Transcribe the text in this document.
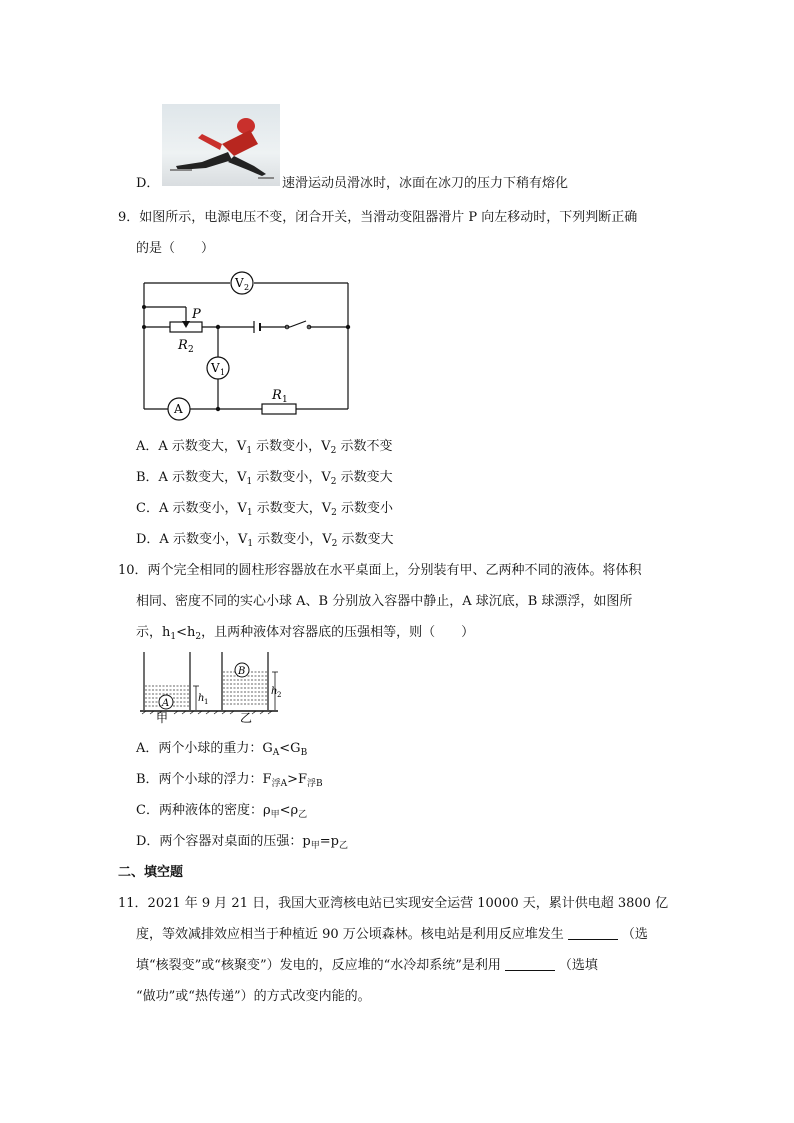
D．	速滑运动员滑冰时，冰面在冰刀的压力下稍有熔化
9．如图所示，电源电压不变，闭合开关，当滑动变阻器滑片 P 向左移动时，下列判断正确
的是（　　）
V 2
V 1
A
P
R 2
R 1
A．A 示数变大，$V_1$ 示数变小，$V_2$ 示数不变
B．A 示数变大，$V_1$ 示数变小，$V_2$ 示数变大
C．A 示数变小，$V_1$ 示数变大，$V_2$ 示数变小
D．A 示数变小，$V_1$ 示数变小，$V_2$ 示数变大
10．两个完全相同的圆柱形容器放在水平桌面上，分别装有甲、乙两种不同的液体。将体积
相同、密度不同的实心小球 A、B 分别放入容器中静止，A 球沉底，B 球漂浮，如图所
示，$h_1<h_2$，且两种液体对容器底的压强相等，则（　　）
A	h 1
B
h 2
甲	乙
A．两个小球的重力：$G_A<G_B$
B．两个小球的浮力：$F_{浮A}>F_{浮B}$
C．两种液体的密度：$\rho_甲<\rho_乙$
D．两个容器对桌面的压强：$p_甲=p_乙$
二、填空题
11．2021 年 9 月 21 日，我国大亚湾核电站已实现安全运营 10000 天，累计供电超 3800 亿
度，等效减排效应相当于种植近 90 万公顷森林。核电站是利用反应堆发生	（选
填“核裂变”或“核聚变”）发电的，反应堆的“水冷却系统”是利用	（选填
“做功”或“热传递”）的方式改变内能的。
